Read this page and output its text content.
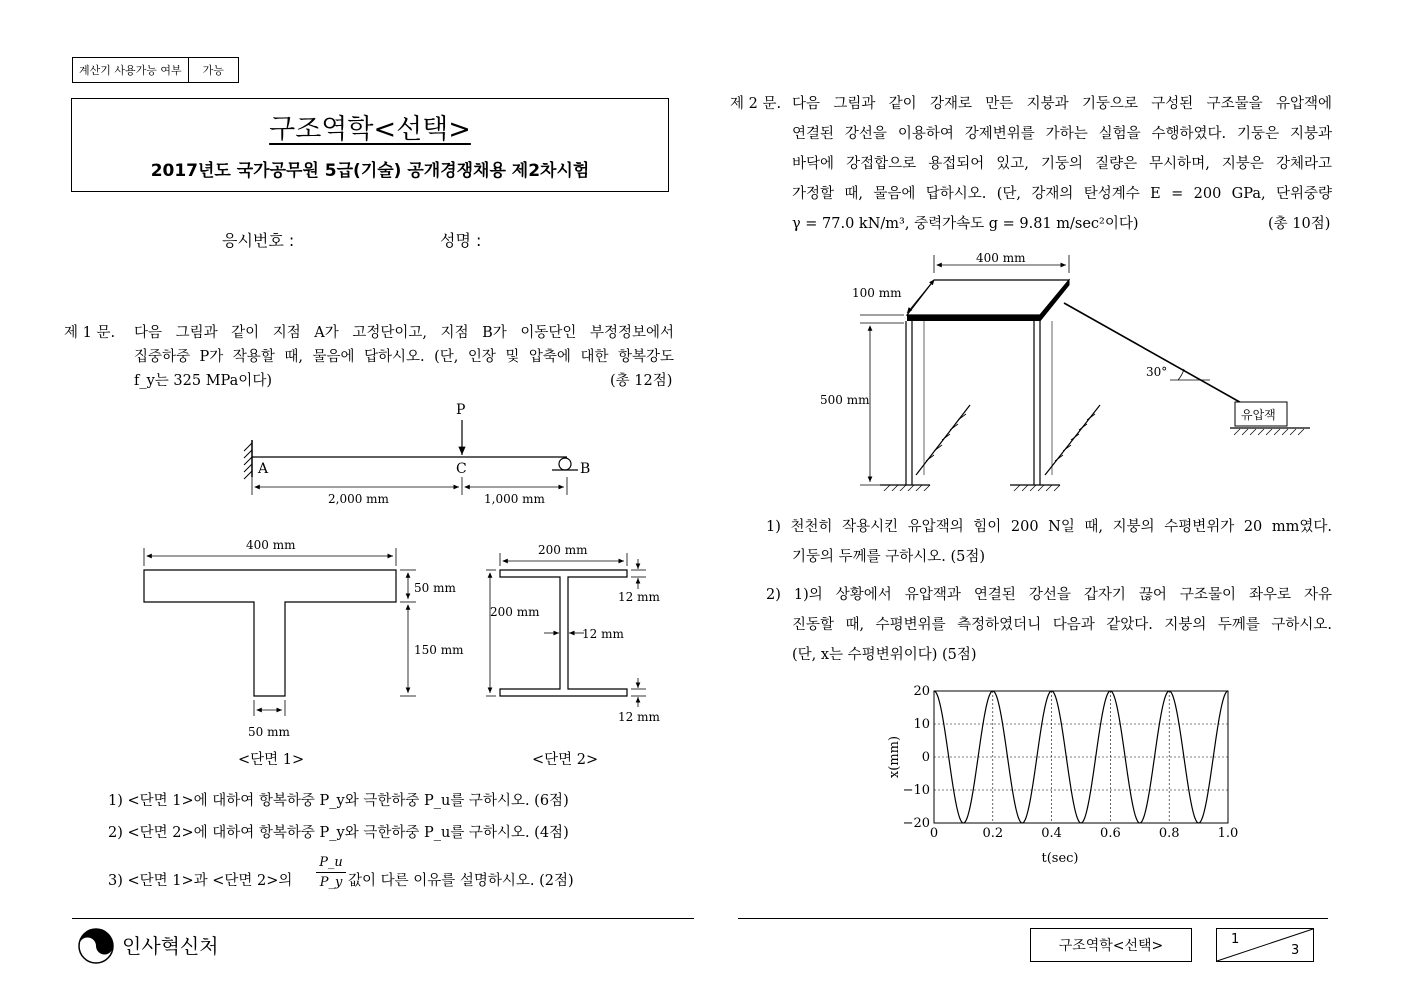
계산기 사용가능 여부	가능
구조역학<선택>
2017년도 국가공무원 5급(기술) 공개경쟁채용 제2차시험
응시번호 :	성명 :
제 1 문. 다음 그림과 같이 지점 A가 고정단이고, 지점 B가 이동단인 부정정보에서
집중하중 P가 작용할 때, 물음에 답하시오. (단, 인장 및 압축에 대한 항복강도
f_y는 325 MPa이다)	(총 12점)
P
A	C	B
2,000 mm	1,000 mm
400 mm
50 mm
150 mm
50 mm
<단면 1>
200 mm
12 mm
200 mm
12 mm
12 mm
<단면 2>
1) <단면 1>에 대하여 항복하중 P_y와 극한하중 P_u를 구하시오. (6점)
2) <단면 2>에 대하여 항복하중 P_y와 극한하중 P_u를 구하시오. (4점)
3) <단면 1>과 <단면 2>의 $\frac{P\_u}{P\_y}$ 값이 다른 이유를 설명하시오. (2점)
제 2 문. 다음 그림과 같이 강재로 만든 지붕과 기둥으로 구성된 구조물을 유압잭에
연결된 강선을 이용하여 강제변위를 가하는 실험을 수행하였다. 기둥은 지붕과
바닥에 강접합으로 용접되어 있고, 기둥의 질량은 무시하며, 지붕은 강체라고
가정할 때, 물음에 답하시오. (단, 강재의 탄성계수 E = 200 GPa, 단위중량
γ = 77.0 kN/m³, 중력가속도 g = 9.81 m/sec²이다)	(총 10점)
400 mm
100 mm
500 mm
30°
유압잭
1) 천천히 작용시킨 유압잭의 힘이 200 N일 때, 지붕의 수평변위가 20 mm였다.
기둥의 두께를 구하시오. (5점)
2) 1)의 상황에서 유압잭과 연결된 강선을 갑자기 끊어 구조물이 좌우로 자유
진동할 때, 수평변위를 측정하였더니 다음과 같았다. 지붕의 두께를 구하시오.
(단, x는 수평변위이다) (5점)
0	0.2	0.4	0.6	0.8	1.0
20
10
0
−10
−20
t(sec)
x(mm)
인사혁신처	구조역학<선택>	1
3
